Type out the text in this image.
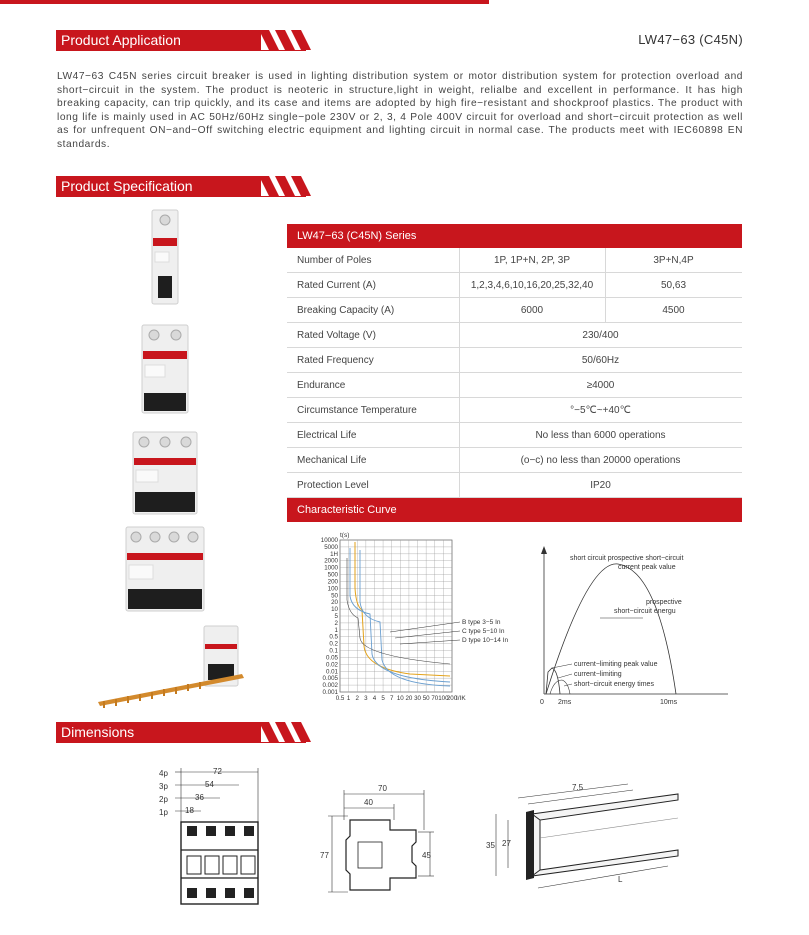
Product Application	LW47−63 (C45N)

LW47−63 C45N series circuit breaker is used in lighting distribution system or motor distribution system for protection overload and short−circuit in the system. The product is neoteric in structure,light in weight, relialbe and excellent in performance. It has high breaking capacity, can trip quickly, and its case and items are adopted by high fire−resistant and shockproof plastics. The product with long life is mainly used in AC 50Hz/60Hz single−pole 230V or 2, 3, 4 Pole 400V circuit for overload and short−circuit protection as well as for unfrequent ON−and−Off switching electric equipment and lighting circuit in normal case. The products meet with IEC60898 EN standards.

Product Specification
LW47−63 (C45N) Series
Number of Poles	1P, 1P+N, 2P, 3P	3P+N,4P
Rated Current (A)	1,2,3,4,6,10,16,20,25,32,40	50,63
Breaking Capacity (A)	6000	4500
Rated Voltage (V)	230/400
Rated Frequency	50/60Hz
Endurance	≥4000
Circumstance Temperature	°−5℃~+40℃
Electrical Life	No less than 6000 operations
Mechanical Life	(o−c) no less than 20000 operations
Protection Level	IP20
Characteristic Curve
10000
5000
1H
2000
1000
500
200
100
50
20
10
5
2
1
0.5
0.2
0.1
0.05
0.02
0.01
0.005
0.002
0.001
0.5 1 2 3 4 5 7 10 20 30 50 70 100
200
t(s)
I/IK
B type 3−5 In
C type 5−10 In
D type 10−14 In
short circuit prospective short−circuit
current peak value
prospective
short−circuit energu
current−limiting peak value
current−limiting
short−circuit energy times
0 2ms	10ms
Dimensions
4p
3p
2p
1p
72
54
36
18
70
40
77	45
7.5
35 27
L
